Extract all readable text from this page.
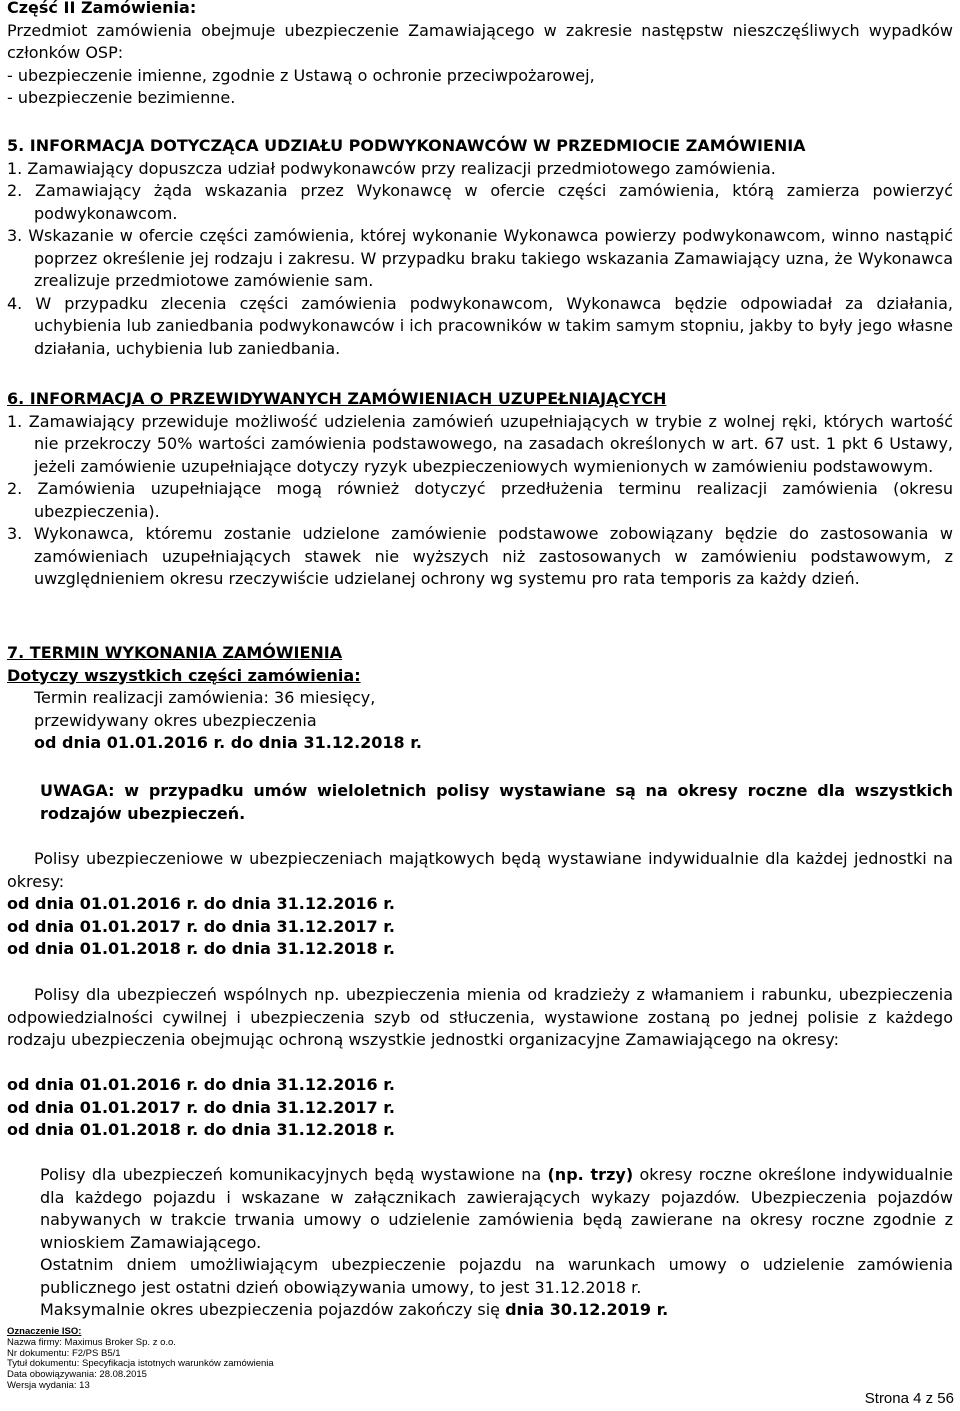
Część II Zamówienia:

Przedmiot zamówienia obejmuje ubezpieczenie Zamawiającego w zakresie następstw nieszczęśliwych wypadków członków OSP:

- ubezpieczenie imienne, zgodnie z Ustawą o ochronie przeciwpożarowej,

- ubezpieczenie bezimienne.

5. INFORMACJA DOTYCZĄCA UDZIAŁU PODWYKONAWCÓW W PRZEDMIOCIE ZAMÓWIENIA

1. Zamawiający dopuszcza udział podwykonawców przy realizacji przedmiotowego zamówienia.

2. Zamawiający żąda wskazania przez Wykonawcę w ofercie części zamówienia, którą zamierza powierzyć podwykonawcom.

3. Wskazanie w ofercie części zamówienia, której wykonanie Wykonawca powierzy podwykonawcom, winno nastąpić poprzez określenie jej rodzaju i zakresu. W przypadku braku takiego wskazania Zamawiający uzna, że Wykonawca zrealizuje przedmiotowe zamówienie sam.

4. W przypadku zlecenia części zamówienia podwykonawcom, Wykonawca będzie odpowiadał za działania, uchybienia lub zaniedbania podwykonawców i ich pracowników w takim samym stopniu, jakby to były jego własne działania, uchybienia lub zaniedbania.

6. INFORMACJA O PRZEWIDYWANYCH ZAMÓWIENIACH UZUPEŁNIAJĄCYCH

1. Zamawiający przewiduje możliwość udzielenia zamówień uzupełniających w trybie z wolnej ręki, których wartość nie przekroczy 50% wartości zamówienia podstawowego, na zasadach określonych w art. 67 ust. 1 pkt 6 Ustawy, jeżeli zamówienie uzupełniające dotyczy ryzyk ubezpieczeniowych wymienionych w zamówieniu podstawowym.

2. Zamówienia uzupełniające mogą również dotyczyć przedłużenia terminu realizacji zamówienia (okresu ubezpieczenia).

3. Wykonawca, któremu zostanie udzielone zamówienie podstawowe zobowiązany będzie do zastosowania w zamówieniach uzupełniających stawek nie wyższych niż zastosowanych w zamówieniu podstawowym, z uwzględnieniem okresu rzeczywiście udzielanej ochrony wg systemu pro rata temporis za każdy dzień.

7. TERMIN WYKONANIA ZAMÓWIENIA

Dotyczy wszystkich części zamówienia:

Termin realizacji zamówienia: 36 miesięcy,

przewidywany okres ubezpieczenia

od dnia 01.01.2016 r. do dnia 31.12.2018 r.

UWAGA: w przypadku umów wieloletnich polisy wystawiane są na okresy roczne dla wszystkich rodzajów ubezpieczeń.

Polisy ubezpieczeniowe w ubezpieczeniach majątkowych będą wystawiane indywidualnie dla każdej jednostki na okresy:

od dnia 01.01.2016 r. do dnia 31.12.2016 r.

od dnia 01.01.2017 r. do dnia 31.12.2017 r.

od dnia 01.01.2018 r. do dnia 31.12.2018 r.

Polisy dla ubezpieczeń wspólnych np. ubezpieczenia mienia od kradzieży z włamaniem i rabunku, ubezpieczenia odpowiedzialności cywilnej i ubezpieczenia szyb od stłuczenia, wystawione zostaną po jednej polisie z każdego rodzaju ubezpieczenia obejmując ochroną wszystkie jednostki organizacyjne Zamawiającego na okresy:

od dnia 01.01.2016 r. do dnia 31.12.2016 r.

od dnia 01.01.2017 r. do dnia 31.12.2017 r.

od dnia 01.01.2018 r. do dnia 31.12.2018 r.

Polisy dla ubezpieczeń komunikacyjnych będą wystawione na (np. trzy) okresy roczne określone indywidualnie dla każdego pojazdu i wskazane w załącznikach zawierających wykazy pojazdów. Ubezpieczenia pojazdów nabywanych w trakcie trwania umowy o udzielenie zamówienia będą zawierane na okresy roczne zgodnie z wnioskiem Zamawiającego.

Ostatnim dniem umożliwiającym ubezpieczenie pojazdu na warunkach umowy o udzielenie zamówienia publicznego jest ostatni dzień obowiązywania umowy, to jest 31.12.2018 r.

Maksymalnie okres ubezpieczenia pojazdów zakończy się dnia 30.12.2019 r.

Oznaczenie ISO:
Nazwa firmy: Maximus Broker Sp. z o.o.
Nr dokumentu: F2/PS B5/1
Tytuł dokumentu: Specyfikacja istotnych warunków zamówienia
Data obowiązywania: 28.08.2015
Wersja wydania: 13
Strona 4 z 56
